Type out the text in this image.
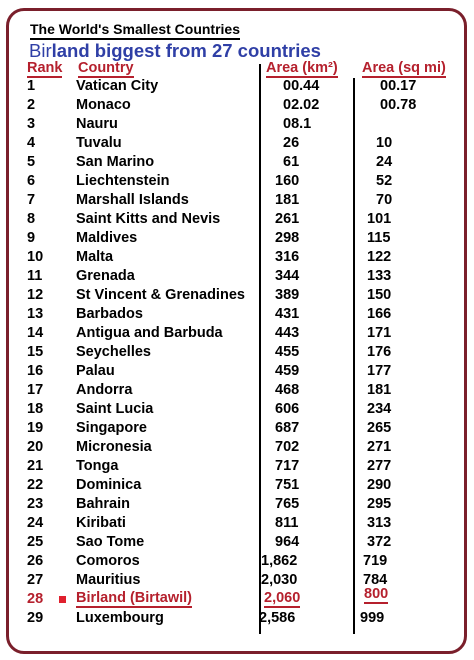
The World's Smallest Countries
Birland biggest from 27 countries
Rank Country	Area (km²) Area (sq mi)
1	Vatican City	00.44	00.17
2	Monaco	02.02	00.78
3	Nauru	08.1
4	Tuvalu	26	10
5	San Marino	61	24
6	Liechtenstein	160	52
7	Marshall Islands	181	70
8	Saint Kitts and Nevis	261	101
9	Maldives	298	115
10 Malta	316	122
11 Grenada	344	133
12 St Vincent & Grenadines 389	150
13 Barbados	431	166
14 Antigua and Barbuda	443	171
15 Seychelles	455	176
16 Palau	459	177
17 Andorra	468	181
18 Saint Lucia	606	234
19 Singapore	687	265
20 Micronesia	702	271
21 Tonga	717	277
22 Dominica	751	290
23 Bahrain	765	295
24 Kiribati	811	313
25 Sao Tome	964	372
26 Comoros	1,862	719
27 Mauritius	2,030	784
28 Birland (Birtawil)	2,060	800
29 Luxembourg	2,586	999
